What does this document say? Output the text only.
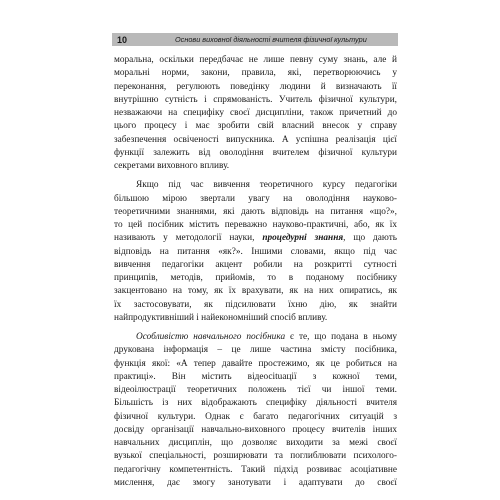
10	Основи виховної діяльності вчителя фізичної культури
моральна, оскільки передбачає не лише певну суму знань, але й
моральні норми, закони, правила, які, перетворюючись у
переконання, регулюють поведінку людини й визначають її
внутрішню сутність і спрямованість. Учитель фізичної культури,
незважаючи на специфіку своєї дисципліни, також причетний до
цього процесу і має зробити свій власний внесок у справу
забезпечення освіченості випускника. А успішна реалізація цієї
функції залежить від оволодіння вчителем фізичної культури
секретами виховного впливу.
Якщо під час вивчення теоретичного курсу педагогіки
більшою мірою звертали увагу на оволодіння науково-
теоретичними знаннями, які дають відповідь на питання «що?»,
то цей посібник містить переважно науково-практичні, або, як їх
називають у методології науки, процедурні знання, що дають
відповідь на питання «як?». Іншими словами, якщо під час
вивчення педагогіки акцент робили на розкритті сутності
принципів, методів, прийомів, то в поданому посібнику
закцентовано на тому, як їх врахувати, як на них опиратись, як
їх застосовувати, як підсилювати їхню дію, як знайти
найпродуктивніший і найекономніший спосіб впливу.
Особливістю навчального посібника є те, що подана в ньому
друкована інформація – це лише частина змісту посібника,
функція якої: «А тепер давайте простежимо, як це робиться на
практиці». Він містить відеосituації з кожної теми,
відеоілюстрації теоретичних положень тієї чи іншої теми.
Більшість із них відображають специфіку діяльності вчителя
фізичної культури. Однак є багато педагогічних ситуацій з
досвіду організації навчально-виховного процесу вчителів інших
навчальних дисциплін, що дозволяє виходити за межі своєї
вузької спеціальності, розширювати та поглиблювати психолого-
педагогічну компетентність. Такий підхід розвиває асоціативне
мислення, дає змогу занотувати і адаптувати до своєї
